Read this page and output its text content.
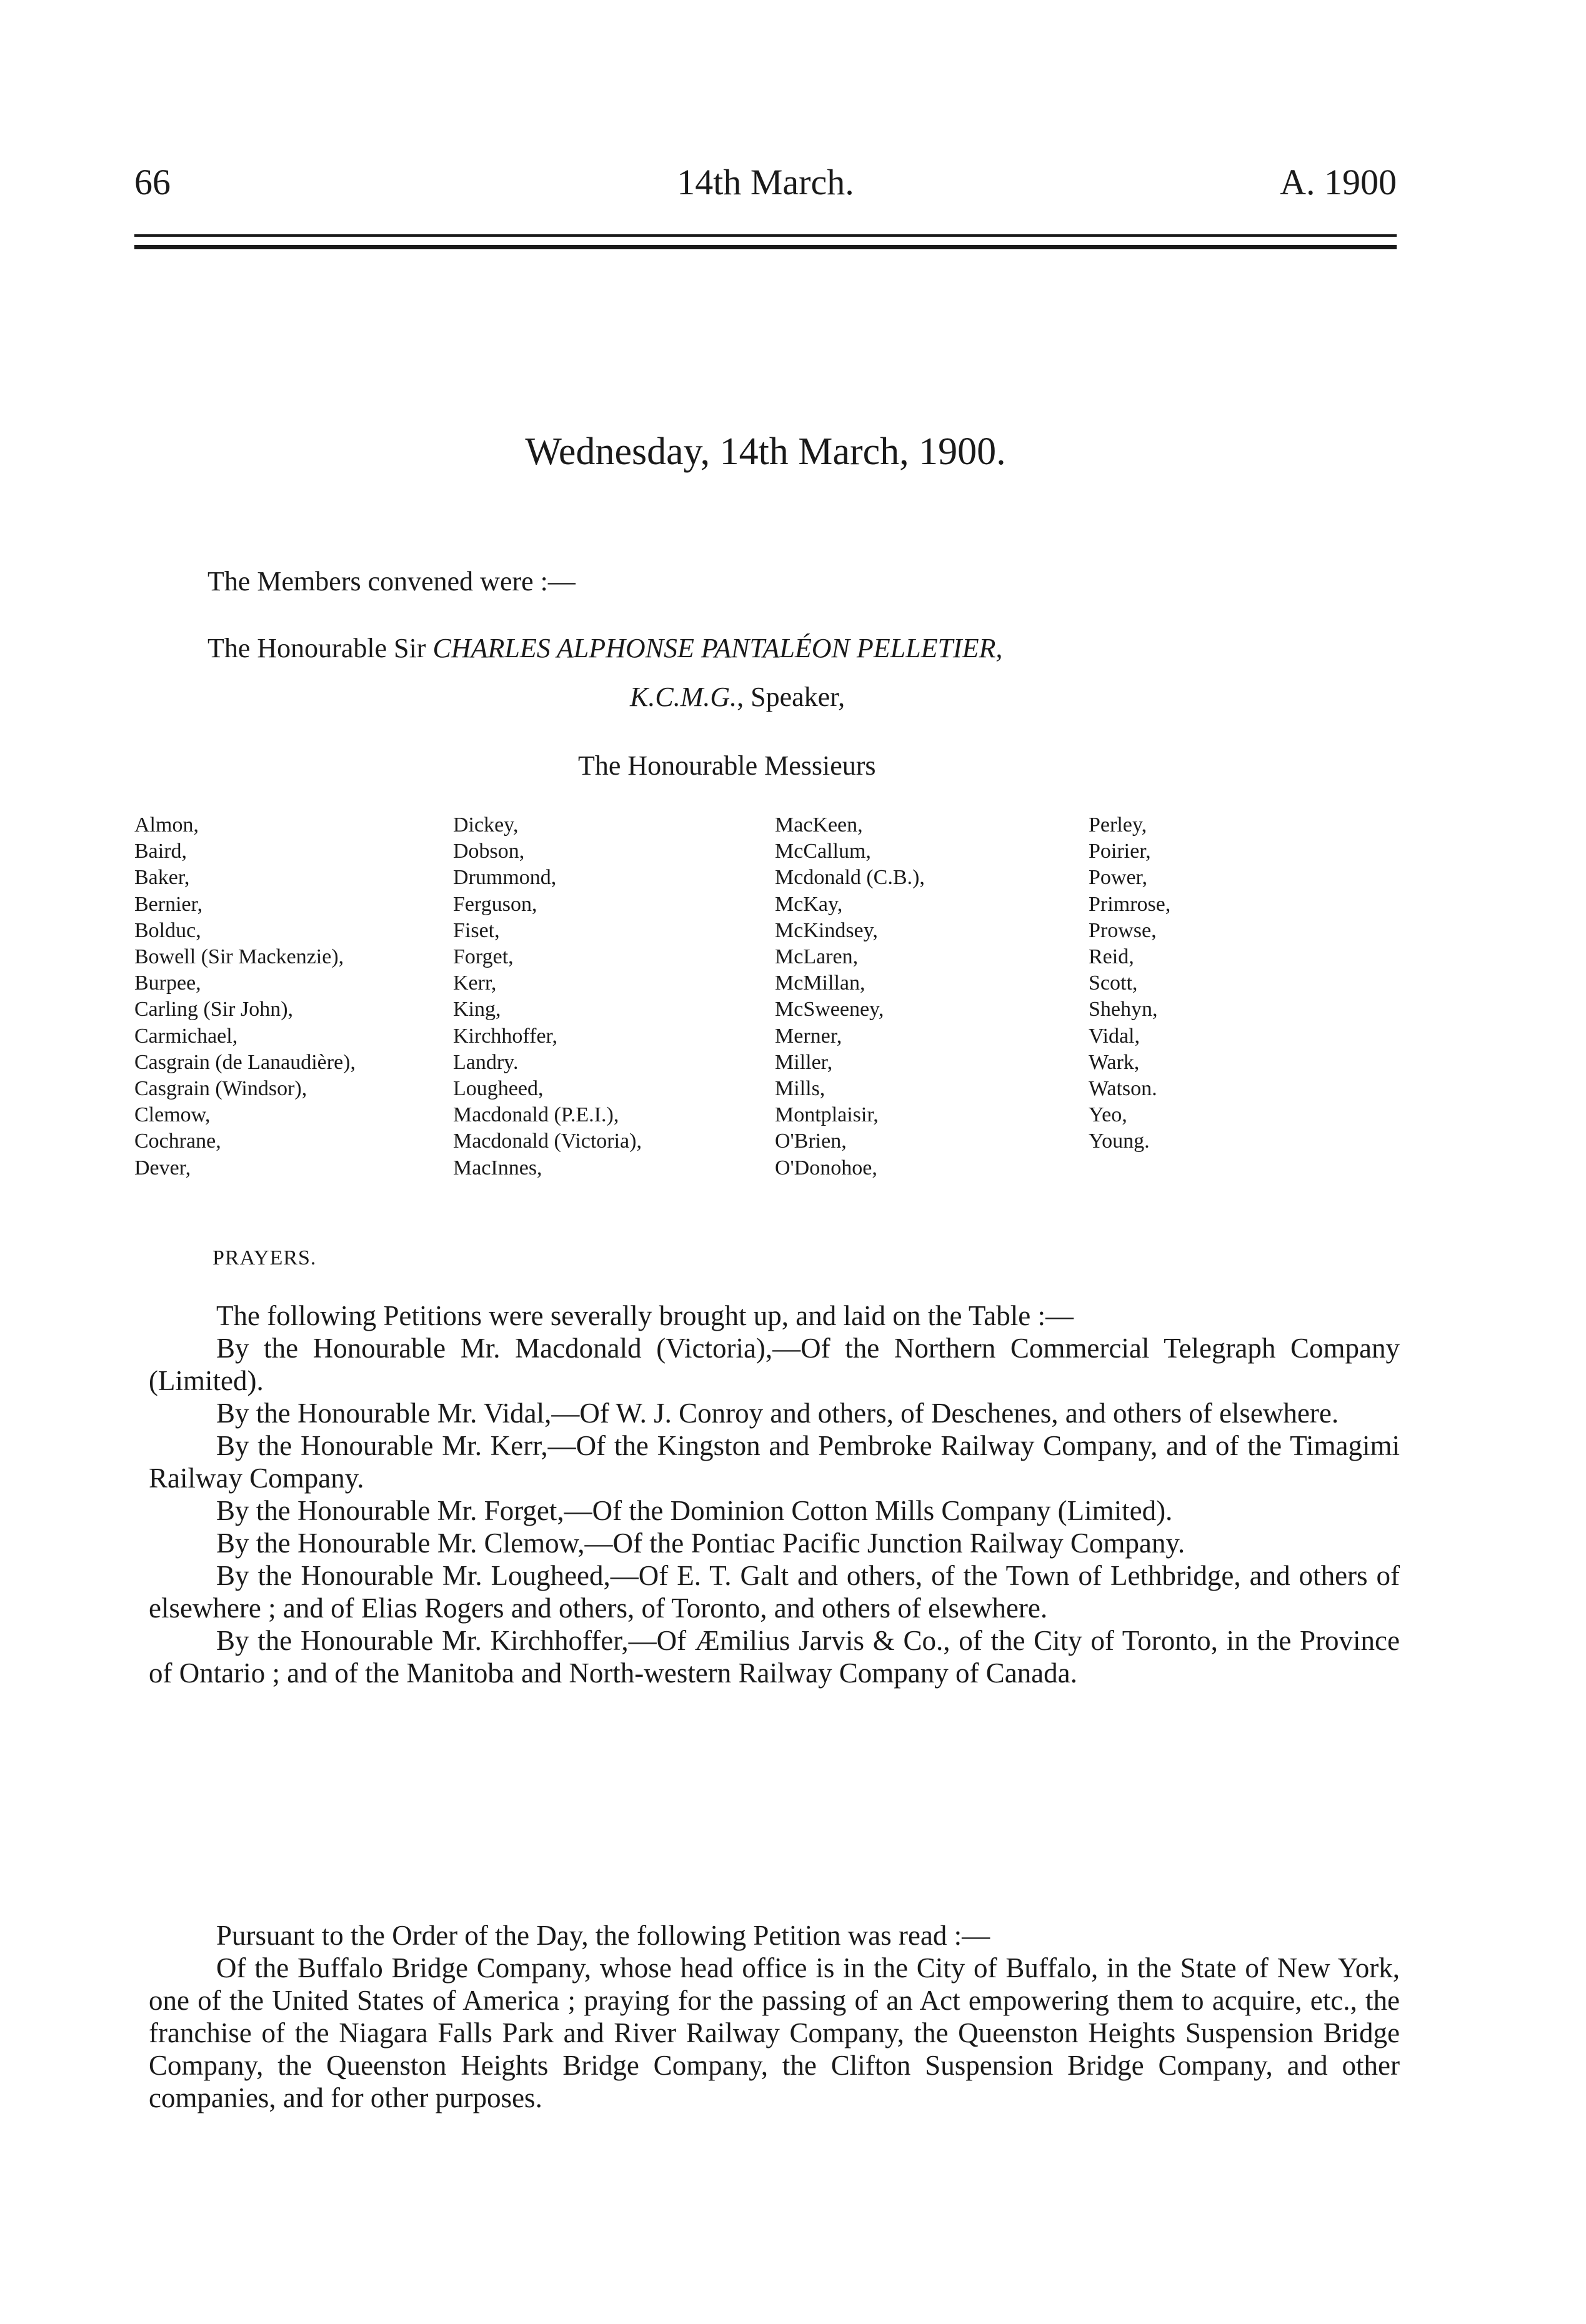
66	14th March.	A. 1900
Wednesday, 14th March, 1900.
The Members convened were :—
The Honourable Sir CHARLES ALPHONSE PANTALÉON PELLETIER,
K.C.M.G., Speaker,
The Honourable Messieurs
Almon,
Baird,
Baker,
Bernier,
Bolduc,
Bowell (Sir Mackenzie),
Burpee,
Carling (Sir John),
Carmichael,
Casgrain (de Lanaudière),
Casgrain (Windsor),
Clemow,
Cochrane,
Dever,
Dickey,
Dobson,
Drummond,
Ferguson,
Fiset,
Forget,
Kerr,
King,
Kirchhoffer,
Landry.
Lougheed,
Macdonald (P.E.I.),
Macdonald (Victoria),
MacInnes,
MacKeen,
McCallum,
Mcdonald (C.B.),
McKay,
McKindsey,
McLaren,
McMillan,
McSweeney,
Merner,
Miller,
Mills,
Montplaisir,
O'Brien,
O'Donohoe,
Perley,
Poirier,
Power,
Primrose,
Prowse,
Reid,
Scott,
Shehyn,
Vidal,
Wark,
Watson.
Yeo,
Young.
PRAYERS.

The following Petitions were severally brought up, and laid on the Table :—

By the Honourable Mr. Macdonald (Victoria),—Of the Northern Commercial Telegraph Company (Limited).

By the Honourable Mr. Vidal,—Of W. J. Conroy and others, of Deschenes, and others of elsewhere.

By the Honourable Mr. Kerr,—Of the Kingston and Pembroke Railway Company, and of the Timagimi Railway Company.

By the Honourable Mr. Forget,—Of the Dominion Cotton Mills Company (Limited).

By the Honourable Mr. Clemow,—Of the Pontiac Pacific Junction Railway Company.

By the Honourable Mr. Lougheed,—Of E. T. Galt and others, of the Town of Lethbridge, and others of elsewhere ; and of Elias Rogers and others, of Toronto, and others of elsewhere.

By the Honourable Mr. Kirchhoffer,—Of Æmilius Jarvis & Co., of the City of Toronto, in the Province of Ontario ; and of the Manitoba and North-western Railway Company of Canada.

Pursuant to the Order of the Day, the following Petition was read :—

Of the Buffalo Bridge Company, whose head office is in the City of Buffalo, in the State of New York, one of the United States of America ; praying for the passing of an Act empowering them to acquire, etc., the franchise of the Niagara Falls Park and River Railway Company, the Queenston Heights Suspension Bridge Company, the Queenston Heights Bridge Company, the Clifton Suspension Bridge Company, and other companies, and for other purposes.
